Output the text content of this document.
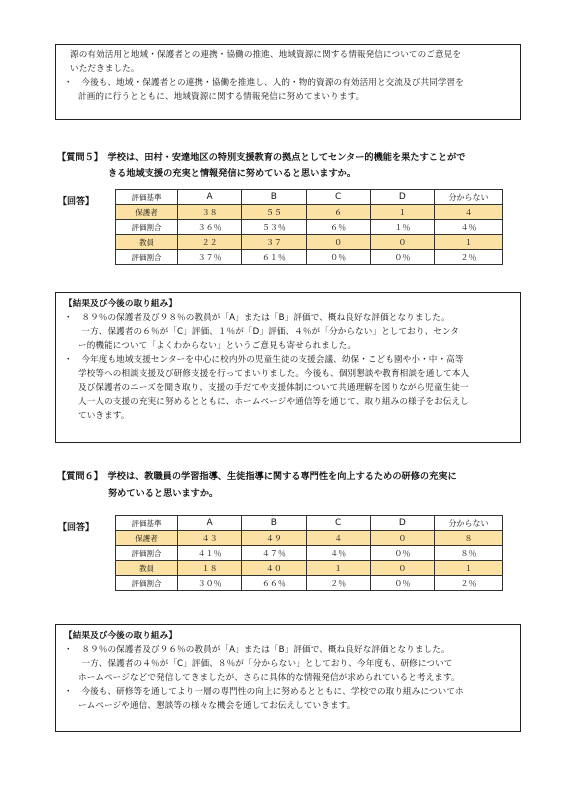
源の有効活用と地域・保護者との連携・協働の推進、地域資源に関する情報発信についてのご意見を
いただきました。
・　今後も、地域・保護者との連携・協働を推進し、人的・物的資源の有効活用と交流及び共同学習を
計画的に行うとともに、地域資源に関する情報発信に努めてまいります。
【質問５】　学校は、田村・安達地区の特別支援教育の拠点としてセンター的機能を果たすことがで
きる地域支援の充実と情報発信に努めていると思いますか。
【回答】	評価基準	A	B	C	D	分からない
保護者	３８	５５	６	１	４
評価割合	３６％	５３％	６％	１％	４％
教員	２２	３７	０	０	１
評価割合	３７％	６１％	０％	０％	２％
【結果及び今後の取り組み】
・　８９％の保護者及び９８％の教員が「A」または「B」評価で、概ね良好な評価となりました。
　　一方、保護者の６％が「C」評価、１％が「D」評価、４％が「分からない」としており、センタ
ー的機能について「よくわからない」というご意見も寄せられました。
・　今年度も地域支援センターを中心に校内外の児童生徒の支援会議、幼保・こども園や小・中・高等
学校等への相談支援及び研修支援を行ってまいりました。今後も、個別懇談や教育相談を通して本人
及び保護者のニーズを聞き取り、支援の手だてや支援体制について共通理解を図りながら児童生徒一
人一人の支援の充実に努めるとともに、ホームページや通信等を通じて、取り組みの様子をお伝えし
ていきます。
【質問６】　学校は、教職員の学習指導、生徒指導に関する専門性を向上するための研修の充実に
努めていると思いますか。
【回答】	評価基準	A	B	C	D	分からない
保護者	４３	４９	４	０	８
評価割合	４１％	４７％	４％	０％	８％
教員	１８	４０	１	０	１
評価割合	３０％	６６％	２％	０％	２％
【結果及び今後の取り組み】
・　８９％の保護者及び９６％の教員が「A」または「B」評価で、概ね良好な評価となりました。
　　一方、保護者の４％が「C」評価、８％が「分からない」としており、今年度も、研修について
ホームページなどで発信してきましたが、さらに具体的な情報発信が求められていると考えます。
・　今後も、研修等を通してより一層の専門性の向上に努めるとともに、学校での取り組みについてホ
ームページや通信、懇談等の様々な機会を通してお伝えしていきます。
